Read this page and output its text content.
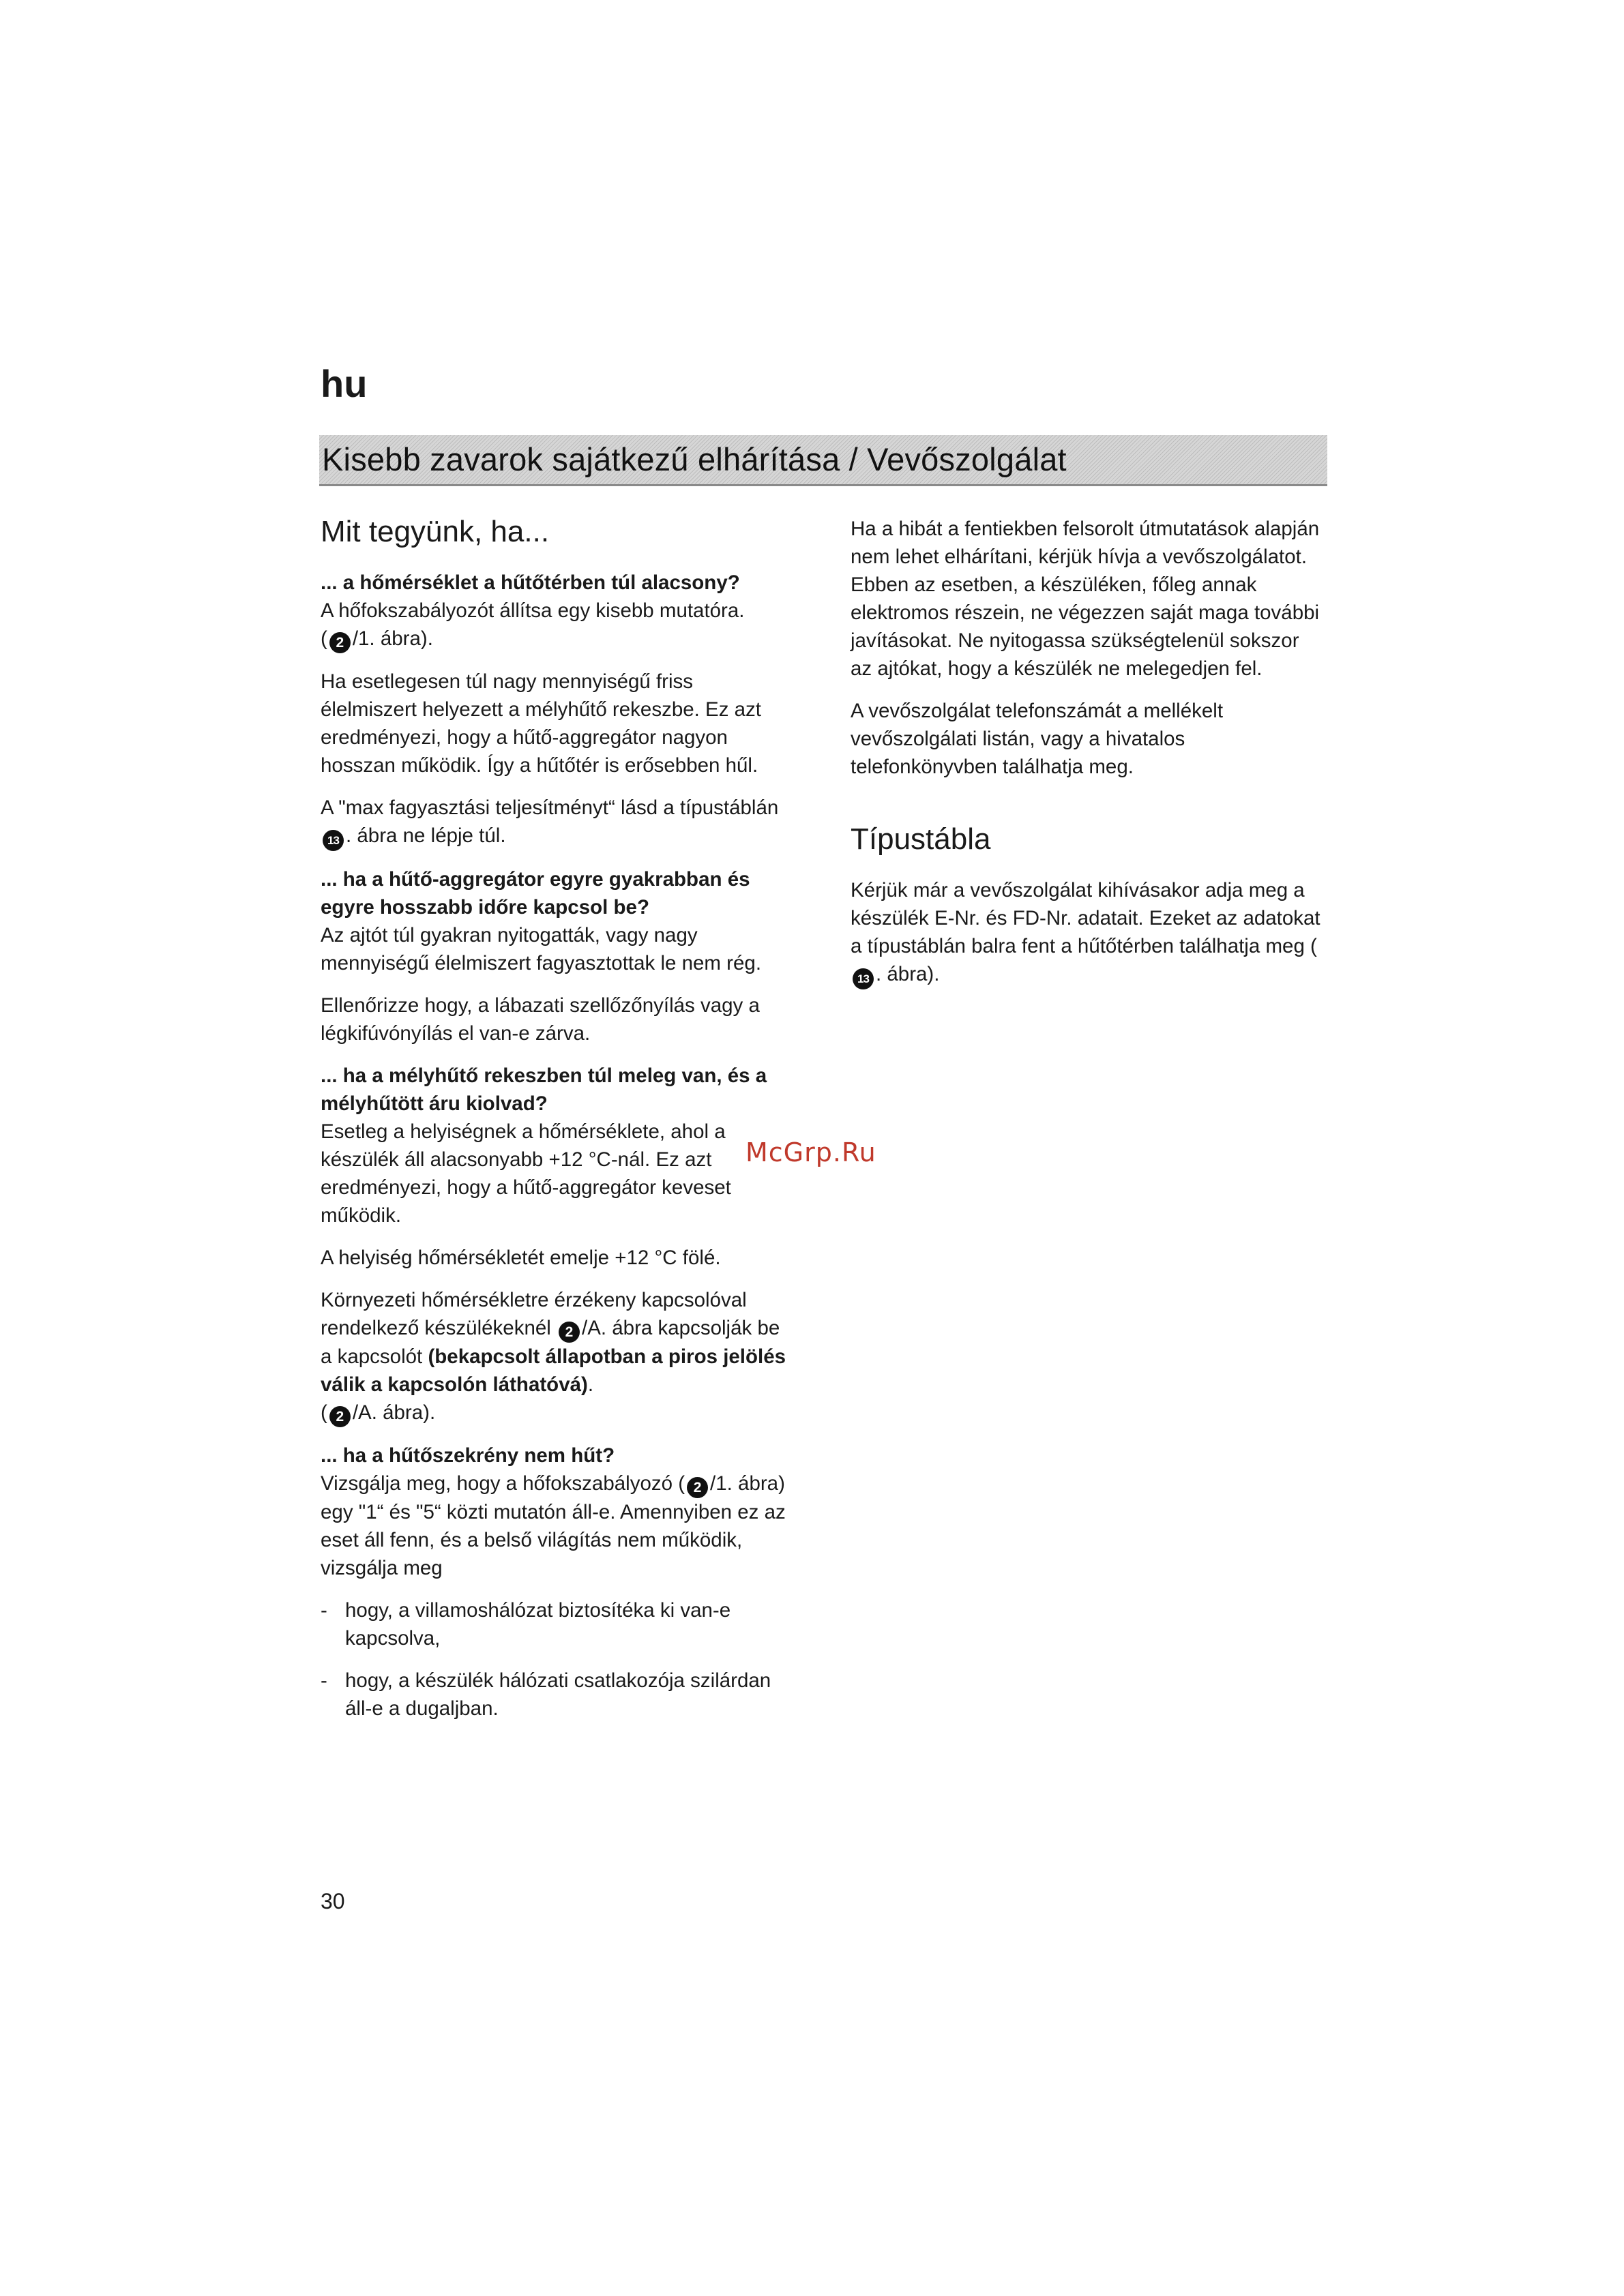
hu
Kisebb zavarok sajátkezű elhárítása / Vevőszolgálat
Mit tegyünk, ha...

... a hőmérséklet a hűtőtérben túl alacsony?

A hőfokszabályozót állítsa egy kisebb mutatóra.

( 2 /1. ábra).

Ha esetlegesen túl nagy mennyiségű friss élelmiszert helyezett a mélyhűtő rekeszbe. Ez azt eredményezi, hogy a hűtő-aggregátor nagyon hosszan működik. Így a hűtőtér is erősebben hűl.

A "max fagyasztási teljesítményt“ lásd a típustáblán 13 . ábra ne lépje túl.

... ha a hűtő-aggregátor egyre gyakrabban és egyre hosszabb időre kapcsol be?

Az ajtót túl gyakran nyitogatták, vagy nagy mennyiségű élelmiszert fagyasztottak le nem rég.

Ellenőrizze hogy, a lábazati szellőzőnyílás vagy a légkifúvónyílás el van-e zárva.

... ha a mélyhűtő rekeszben túl meleg van, és a mélyhűtött áru kiolvad?

Esetleg a helyiségnek a hőmérséklete, ahol a készülék áll alacsonyabb +12 °C-nál. Ez azt eredményezi, hogy a hűtő-aggregátor keveset működik.

A helyiség hőmérsékletét emelje +12 °C fölé.

Környezeti hőmérsékletre érzékeny kapcsolóval rendelkező készülékeknél 2 /A. ábra kapcsolják be a kapcsolót (bekapcsolt állapotban a piros jelölés válik a kapcsolón láthatóvá).

( 2 /A. ábra).

... ha a hűtőszekrény nem hűt?

Vizsgálja meg, hogy a hőfokszabályozó ( 2 /1. ábra) egy "1“ és "5“ közti mutatón áll-e. Amennyiben ez az eset áll fenn, és a belső világítás nem működik, vizsgálja meg

- hogy, a villamoshálózat biztosítéka ki van-e kapcsolva,
- hogy, a készülék hálózati csatlakozója szilárdan áll-e a dugaljban.

Ha a hibát a fentiekben felsorolt útmutatások alapján nem lehet elhárítani, kérjük hívja a vevőszolgálatot. Ebben az esetben, a készüléken, főleg annak elektromos részein, ne végezzen saját maga további javításokat. Ne nyitogassa szükségtelenül sokszor az ajtókat, hogy a készülék ne melegedjen fel.

A vevőszolgálat telefonszámát a mellékelt vevőszolgálati listán, vagy a hivatalos telefonkönyvben találhatja meg.

Típustábla

Kérjük már a vevőszolgálat kihívásakor adja meg a készülék E-Nr. és FD-Nr. adatait. Ezeket az adatokat a típustáblán balra fent a hűtőtérben találhatja meg (13 . ábra).

McGrp.Ru
30
